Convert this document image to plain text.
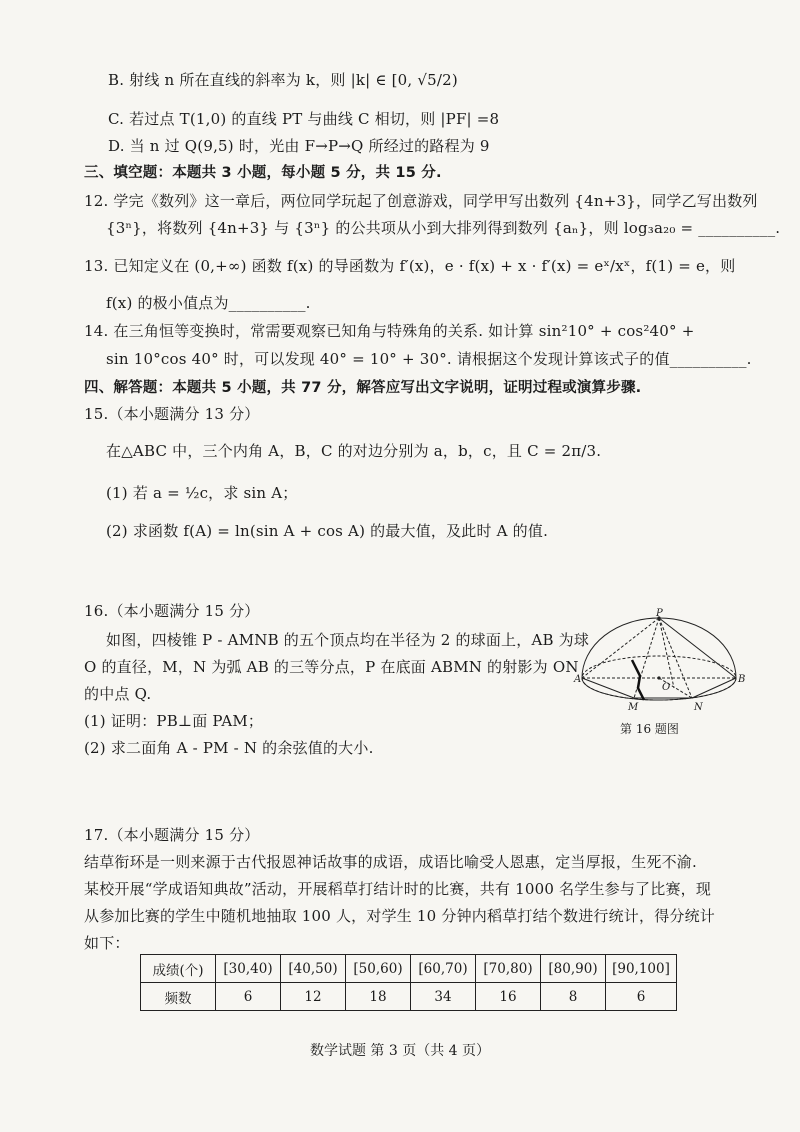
B. 射线 n 所在直线的斜率为 k，则 |k| ∈ [0, √5/2)
C. 若过点 T(1,0) 的直线 PT 与曲线 C 相切，则 |PF| =8
D. 当 n 过 Q(9,5) 时，光由 F→P→Q 所经过的路程为 9
三、填空题：本题共 3 小题，每小题 5 分，共 15 分.
12. 学完《数列》这一章后，两位同学玩起了创意游戏，同学甲写出数列 {4n+3}，同学乙写出数列
{3ⁿ}，将数列 {4n+3} 与 {3ⁿ} 的公共项从小到大排列得到数列 {aₙ}，则 log₃a₂₀ = __________.
13. 已知定义在 (0,+∞) 函数 f(x) 的导函数为 f′(x)，e · f(x) + x · f′(x) = eˣ/xˣ，f(1) = e，则
f(x) 的极小值点为__________.
14. 在三角恒等变换时，常需要观察已知角与特殊角的关系. 如计算 sin²10° + cos²40° +
sin 10°cos 40° 时，可以发现 40° = 10° + 30°. 请根据这个发现计算该式子的值__________.
四、解答题：本题共 5 小题，共 77 分，解答应写出文字说明，证明过程或演算步骤.
15.（本小题满分 13 分）
在△ABC 中，三个内角 A，B，C 的对边分别为 a，b，c，且 C = 2π/3.
(1) 若 a = ½c，求 sin A；
(2) 求函数 f(A) = ln(sin A + cos A) 的最大值，及此时 A 的值.
16.（本小题满分 15 分）
如图，四棱锥 P - AMNB 的五个顶点均在半径为 2 的球面上，AB 为球
O 的直径，M，N 为弧 AB 的三等分点，P 在底面 ABMN 的射影为 ON
的中点 Q.
(1) 证明：PB⊥面 PAM；
(2) 求二面角 A - PM - N 的余弦值的大小.
P
A	B
M	N
O
第 16 题图
17.（本小题满分 15 分）
结草衔环是一则来源于古代报恩神话故事的成语，成语比喻受人恩惠，定当厚报，生死不渝.
某校开展“学成语知典故”活动，开展稻草打结计时的比赛，共有 1000 名学生参与了比赛，现
从参加比赛的学生中随机地抽取 100 人，对学生 10 分钟内稻草打结个数进行统计，得分统计
如下：
成绩(个)	[30,40)	[40,50)	[50,60)	[60,70)	[70,80)	[80,90)	[90,100]
频数	6	12	18	34	16	8	6
数学试题 第 3 页（共 4 页）
